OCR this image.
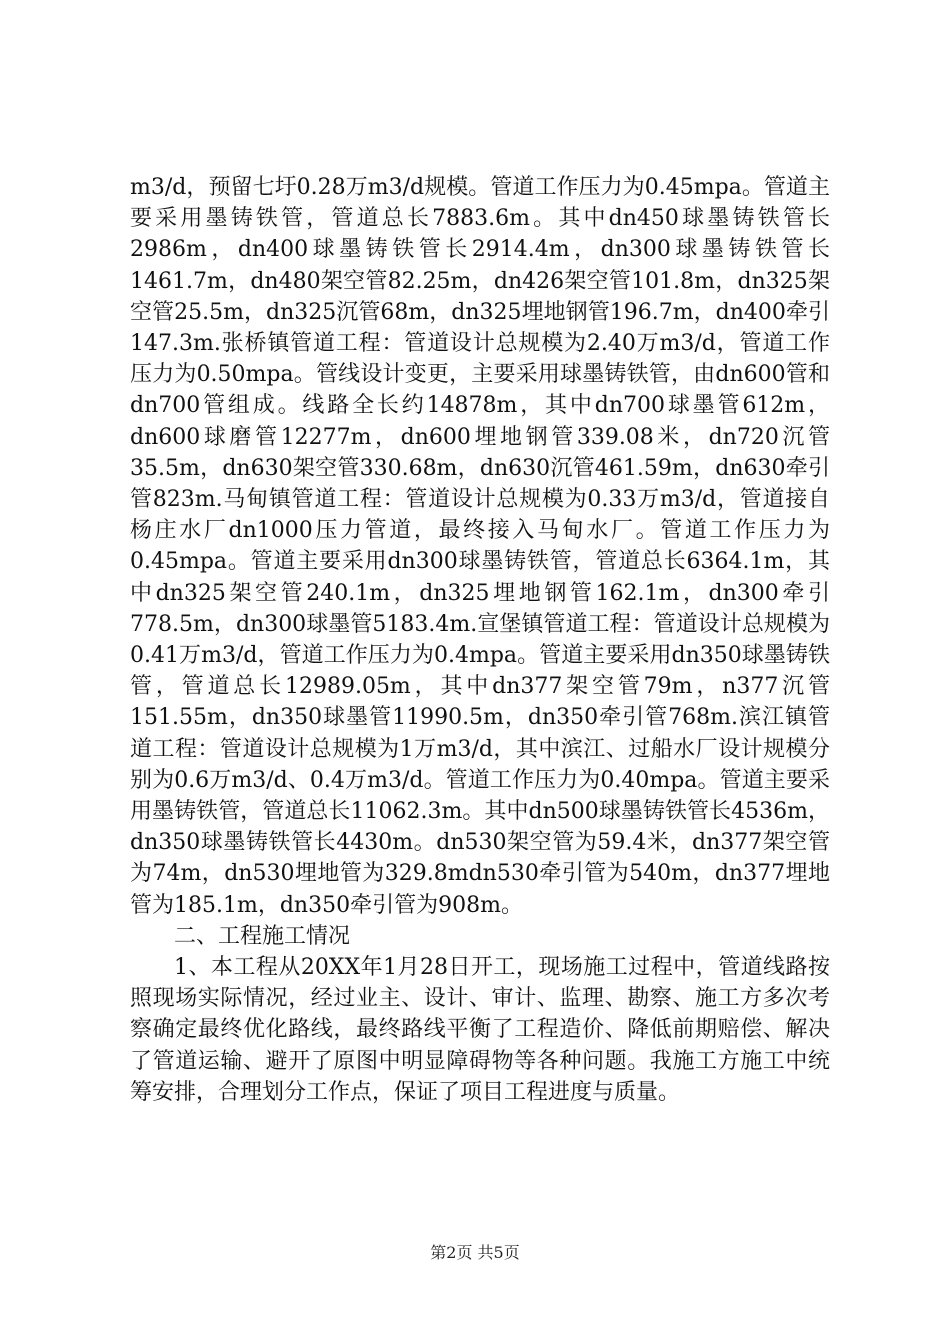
m3/d，预留七圩0.28万m3/d规模。管道工作压力为0.45mpa。管道主要采用墨铸铁管，管道总长7883.6m。其中dn450球墨铸铁管长2986m，dn400球墨铸铁管长2914.4m，dn300球墨铸铁管长1461.7m，dn480架空管82.25m，dn426架空管101.8m，dn325架空管25.5m，dn325沉管68m，dn325埋地钢管196.7m，dn400牵引147.3m.张桥镇管道工程：管道设计总规模为2.40万m3/d，管道工作压力为0.50mpa。管线设计变更，主要采用球墨铸铁管，由dn600管和dn700管组成。线路全长约14878m，其中dn700球墨管612m，dn600球磨管12277m，dn600埋地钢管339.08米，dn720沉管35.5m，dn630架空管330.68m，dn630沉管461.59m，dn630牵引管823m.马甸镇管道工程：管道设计总规模为0.33万m3/d，管道接自杨庄水厂dn1000压力管道，最终接入马甸水厂。管道工作压力为0.45mpa。管道主要采用dn300球墨铸铁管，管道总长6364.1m，其中dn325架空管240.1m，dn325埋地钢管162.1m，dn300牵引778.5m，dn300球墨管5183.4m.宣堡镇管道工程：管道设计总规模为0.41万m3/d，管道工作压力为0.4mpa。管道主要采用dn350球墨铸铁管，管道总长12989.05m，其中dn377架空管79m，n377沉管151.55m，dn350球墨管11990.5m，dn350牵引管768m.滨江镇管道工程：管道设计总规模为1万m3/d，其中滨江、过船水厂设计规模分别为0.6万m3/d、0.4万m3/d。管道工作压力为0.40mpa。管道主要采用墨铸铁管，管道总长11062.3m。其中dn500球墨铸铁管长4536m，dn350球墨铸铁管长4430m。dn530架空管为59.4米，dn377架空管为74m，dn530埋地管为329.8mdn530牵引管为540m，dn377埋地管为185.1m，dn350牵引管为908m。

二、工程施工情况

1、本工程从20XX年1月28日开工，现场施工过程中，管道线路按照现场实际情况，经过业主、设计、审计、监理、勘察、施工方多次考察确定最终优化路线，最终路线平衡了工程造价、降低前期赔偿、解决了管道运输、避开了原图中明显障碍物等各种问题。我施工方施工中统筹安排，合理划分工作点，保证了项目工程进度与质量。

第2页 共5页
